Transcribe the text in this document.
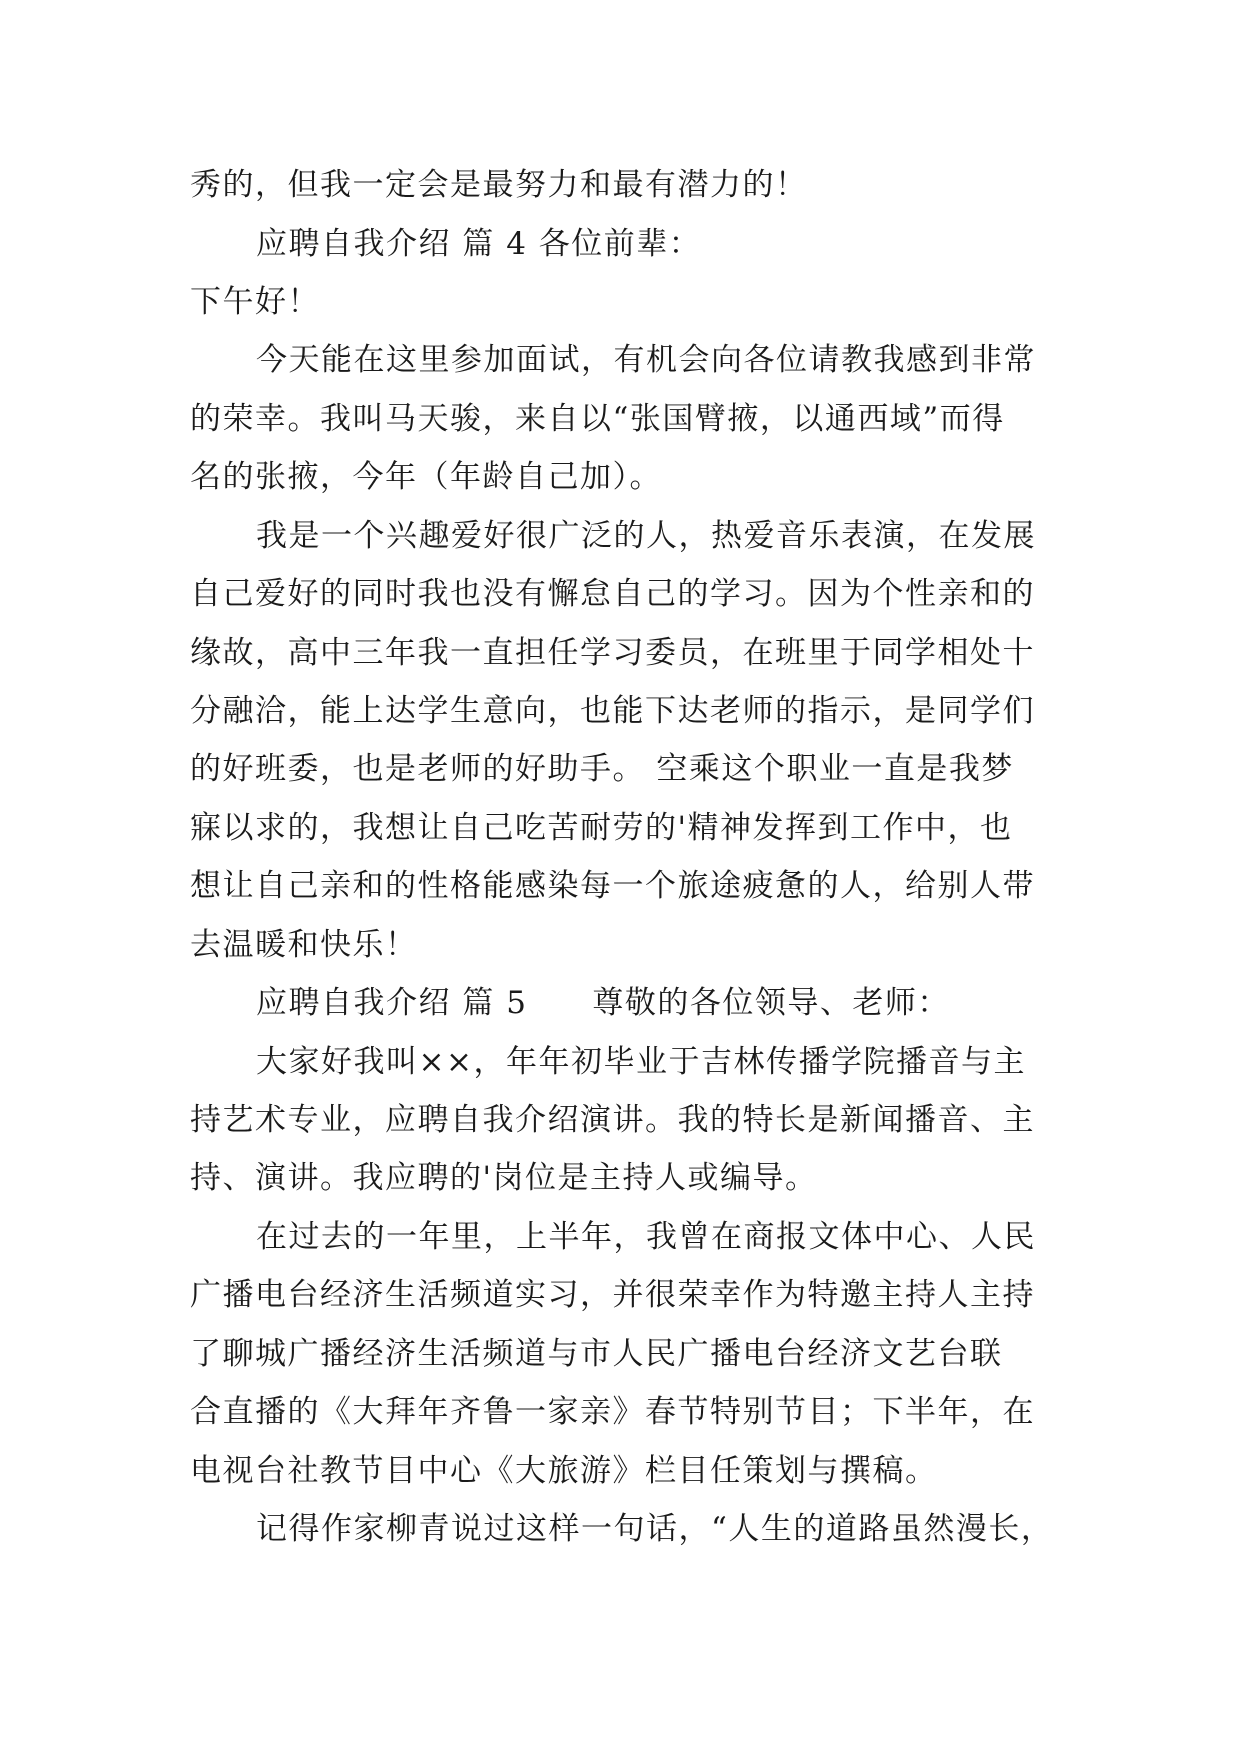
秀的，但我一定会是最努力和最有潜力的！
应聘自我介绍 篇 4 各位前辈：
下午好！
今天能在这里参加面试，有机会向各位请教我感到非常
的荣幸。我叫马天骏，来自以“张国臂掖，以通西域”而得
名的张掖，今年（年龄自己加）。
我是一个兴趣爱好很广泛的人，热爱音乐表演，在发展
自己爱好的同时我也没有懈怠自己的学习。因为个性亲和的
缘故，高中三年我一直担任学习委员，在班里于同学相处十
分融洽，能上达学生意向，也能下达老师的指示，是同学们
的好班委，也是老师的好助手。 空乘这个职业一直是我梦
寐以求的，我想让自己吃苦耐劳的'精神发挥到工作中，也
想让自己亲和的性格能感染每一个旅途疲惫的人，给别人带
去温暖和快乐！
应聘自我介绍 篇 5　　尊敬的各位领导、老师：
大家好我叫××，年年初毕业于吉林传播学院播音与主
持艺术专业，应聘自我介绍演讲。我的特长是新闻播音、主
持、演讲。我应聘的'岗位是主持人或编导。
在过去的一年里，上半年，我曾在商报文体中心、人民
广播电台经济生活频道实习，并很荣幸作为特邀主持人主持
了聊城广播经济生活频道与市人民广播电台经济文艺台联
合直播的《大拜年齐鲁一家亲》春节特别节目；下半年，在
电视台社教节目中心《大旅游》栏目任策划与撰稿。
记得作家柳青说过这样一句话，“人生的道路虽然漫长，
